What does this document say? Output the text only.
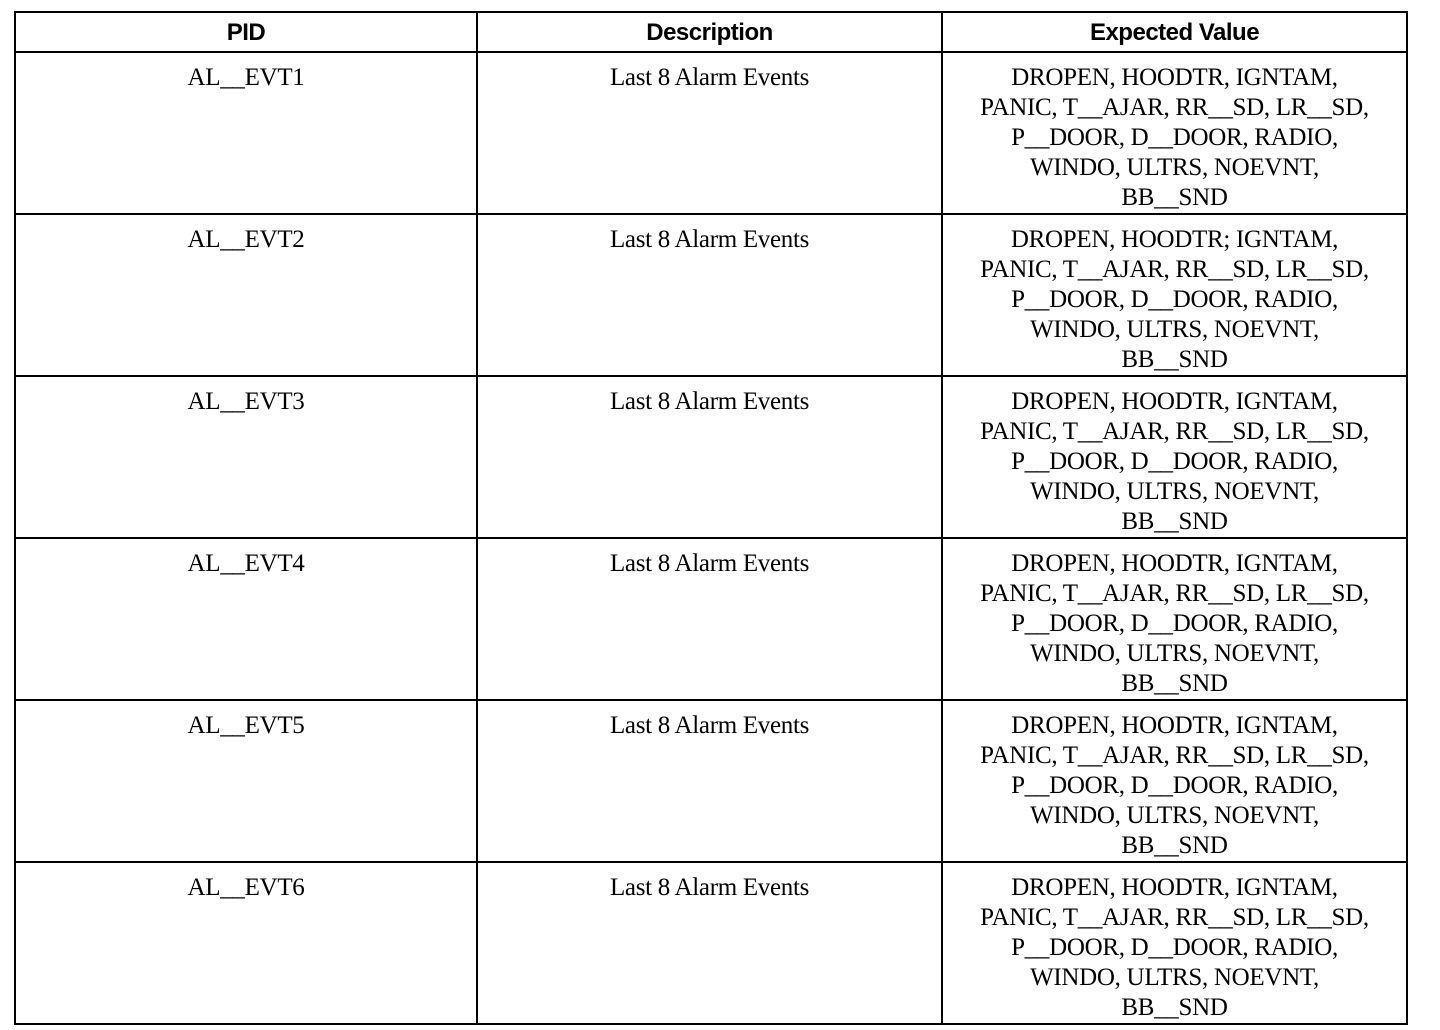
PID	Description	Expected Value
AL__EVT1	Last 8 Alarm Events	DROPEN, HOODTR, IGNTAM,
PANIC, T__AJAR, RR__SD, LR__SD,
P__DOOR, D__DOOR, RADIO,
WINDO, ULTRS, NOEVNT,
BB__SND

AL__EVT2	Last 8 Alarm Events	DROPEN, HOODTR; IGNTAM,
PANIC, T__AJAR, RR__SD, LR__SD,
P__DOOR, D__DOOR, RADIO,
WINDO, ULTRS, NOEVNT,
BB__SND

AL__EVT3	Last 8 Alarm Events	DROPEN, HOODTR, IGNTAM,
PANIC, T__AJAR, RR__SD, LR__SD,
P__DOOR, D__DOOR, RADIO,
WINDO, ULTRS, NOEVNT,
BB__SND

AL__EVT4	Last 8 Alarm Events	DROPEN, HOODTR, IGNTAM,
PANIC, T__AJAR, RR__SD, LR__SD,
P__DOOR, D__DOOR, RADIO,
WINDO, ULTRS, NOEVNT,
BB__SND

AL__EVT5	Last 8 Alarm Events	DROPEN, HOODTR, IGNTAM,
PANIC, T__AJAR, RR__SD, LR__SD,
P__DOOR, D__DOOR, RADIO,
WINDO, ULTRS, NOEVNT,
BB__SND

AL__EVT6	Last 8 Alarm Events	DROPEN, HOODTR, IGNTAM,
PANIC, T__AJAR, RR__SD, LR__SD,
P__DOOR, D__DOOR, RADIO,
WINDO, ULTRS, NOEVNT,
BB__SND
